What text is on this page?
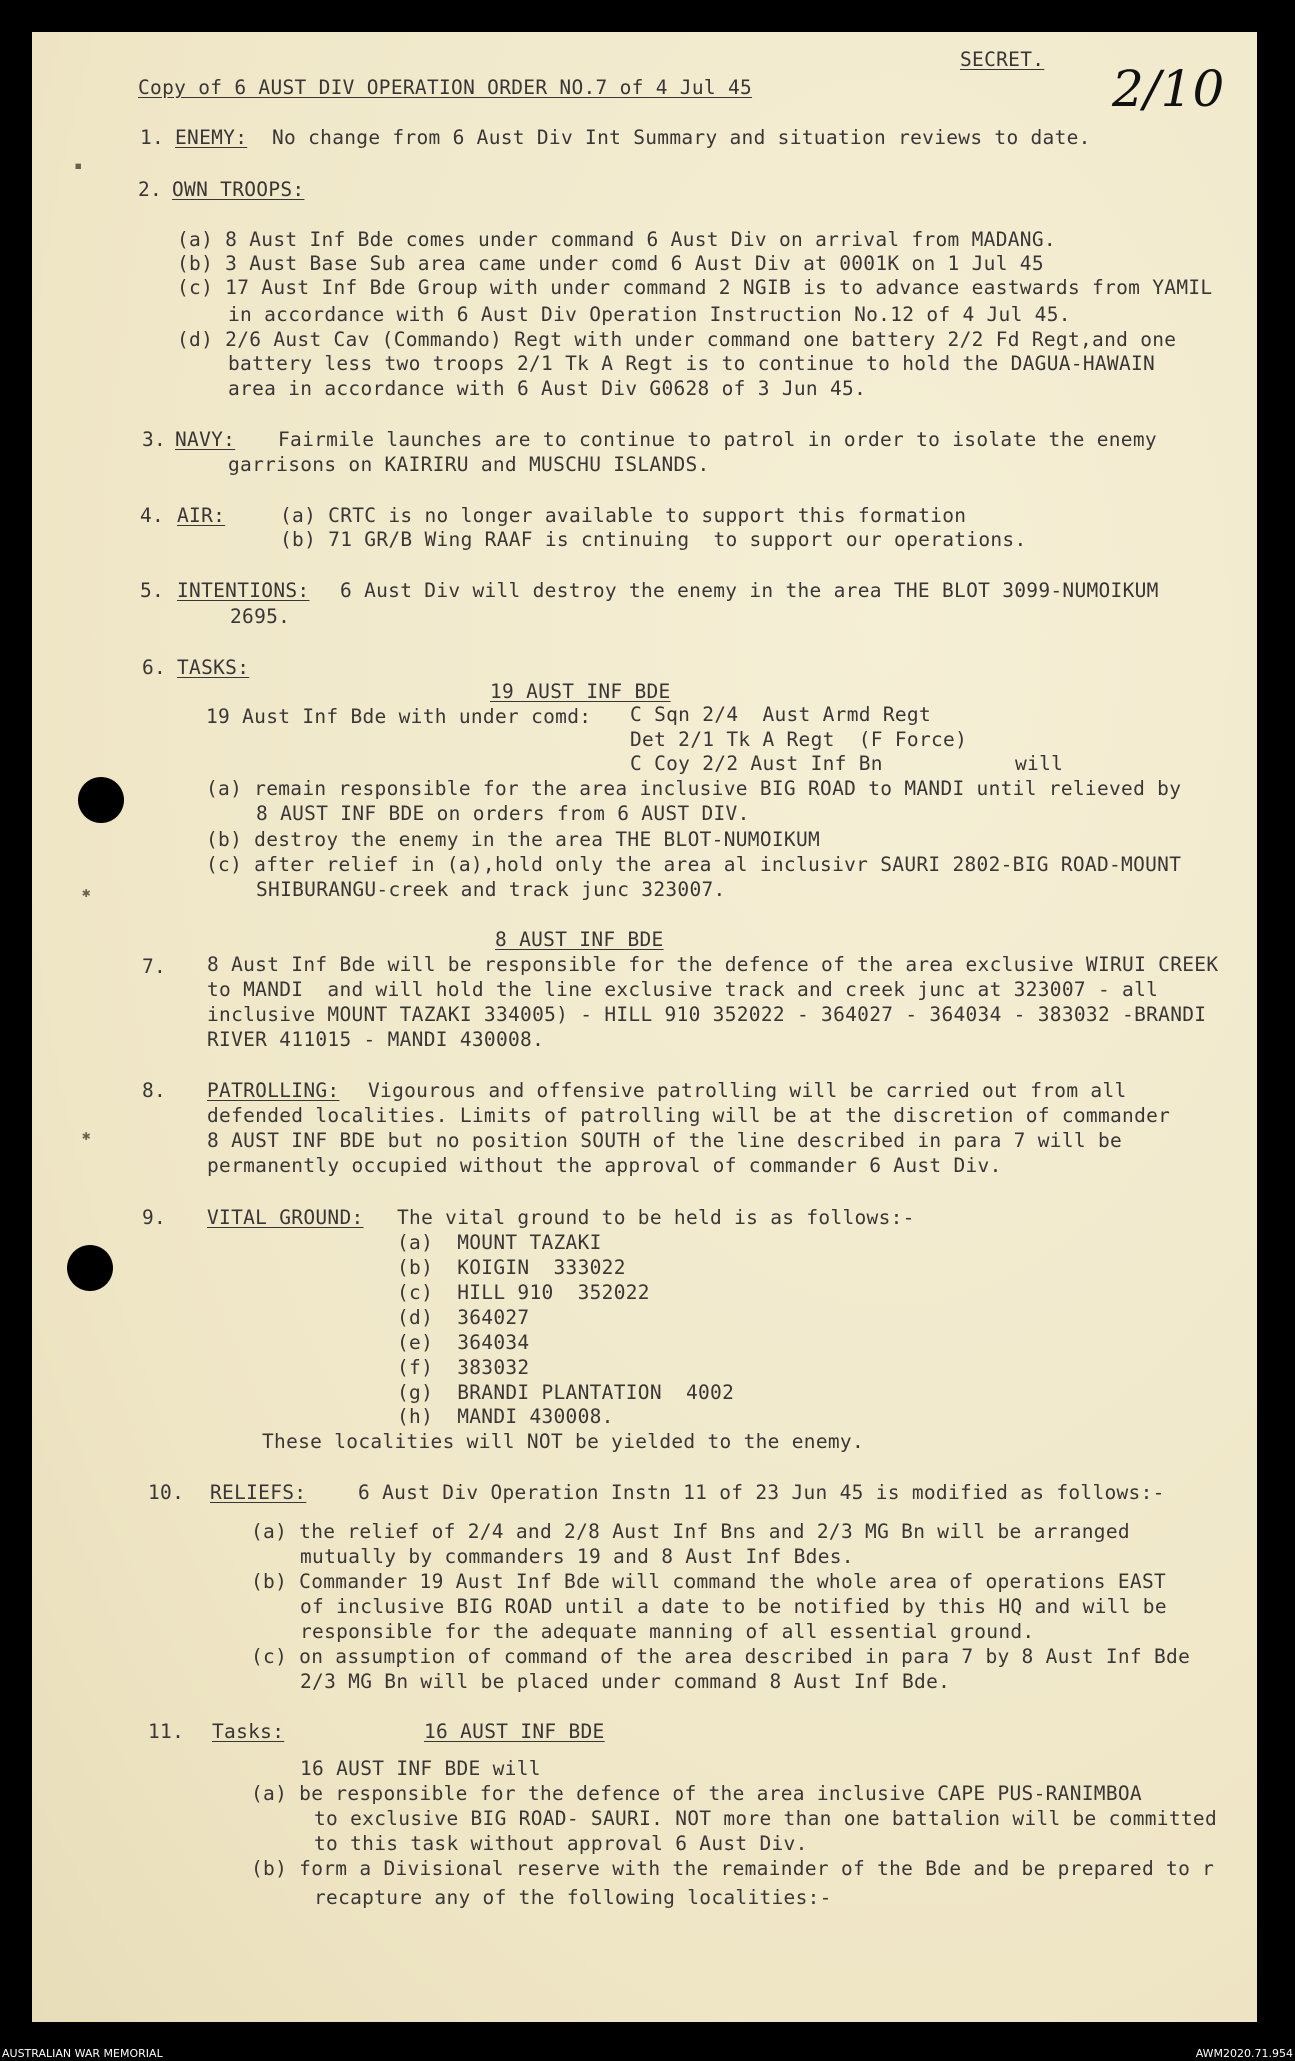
▪
✱
✱
Copy of 6 AUST DIV OPERATION ORDER NO.7 of 4 Jul 45
SECRET.
2/10
1. ENEMY: No change from 6 Aust Div Int Summary and situation reviews to date.
2. OWN TROOPS:
(a) 8 Aust Inf Bde comes under command 6 Aust Div on arrival from MADANG.
(b) 3 Aust Base Sub area came under comd 6 Aust Div at 0001K on 1 Jul 45
(c) 17 Aust Inf Bde Group with under command 2 NGIB is to advance eastwards from YAMIL
in accordance with 6 Aust Div Operation Instruction No.12 of 4 Jul 45.
(d) 2/6 Aust Cav (Commando) Regt with under command one battery 2/2 Fd Regt,and one
battery less two troops 2/1 Tk A Regt is to continue to hold the DAGUA-HAWAIN
area in accordance with 6 Aust Div G0628 of 3 Jun 45.
3. NAVY: Fairmile launches are to continue to patrol in order to isolate the enemy
garrisons on KAIRIRU and MUSCHU ISLANDS.
4. AIR:	(a) CRTC is no longer available to support this formation
(b) 71 GR/B Wing RAAF is cntinuing  to support our operations.
5. INTENTIONS: 6 Aust Div will destroy the enemy in the area THE BLOT 3099-NUMOIKUM
2695.
6. TASKS:
19 AUST INF BDE
19 Aust Inf Bde with under comd: C Sqn 2/4  Aust Armd Regt
Det 2/1 Tk A Regt  (F Force)
C Coy 2/2 Aust Inf Bn	will
(a) remain responsible for the area inclusive BIG ROAD to MANDI until relieved by
8 AUST INF BDE on orders from 6 AUST DIV.
(b) destroy the enemy in the area THE BLOT-NUMOIKUM
(c) after relief in (a),hold only the area al inclusivr SAURI 2802-BIG ROAD-MOUNT
SHIBURANGU-creek and track junc 323007.
8 AUST INF BDE
7. 8 Aust Inf Bde will be responsible for the defence of the area exclusive WIRUI CREEK
to MANDI  and will hold the line exclusive track and creek junc at 323007 - all
inclusive MOUNT TAZAKI 334005) - HILL 910 352022 - 364027 - 364034 - 383032 -BRANDI
RIVER 411015 - MANDI 430008.
8. PATROLLING: Vigourous and offensive patrolling will be carried out from all
defended localities. Limits of patrolling will be at the discretion of commander
8 AUST INF BDE but no position SOUTH of the line described in para 7 will be
permanently occupied without the approval of commander 6 Aust Div.
9. VITAL GROUND: The vital ground to be held is as follows:-
(a)  MOUNT TAZAKI
(b)  KOIGIN  333022
(c)  HILL 910  352022
(d)  364027
(e)  364034
(f)  383032
(g)  BRANDI PLANTATION  4002
(h)  MANDI 430008.
These localities will NOT be yielded to the enemy.
10. RELIEFS:	6 Aust Div Operation Instn 11 of 23 Jun 45 is modified as follows:-
(a) the relief of 2/4 and 2/8 Aust Inf Bns and 2/3 MG Bn will be arranged
mutually by commanders 19 and 8 Aust Inf Bdes.
(b) Commander 19 Aust Inf Bde will command the whole area of operations EAST
of inclusive BIG ROAD until a date to be notified by this HQ and will be
responsible for the adequate manning of all essential ground.
(c) on assumption of command of the area described in para 7 by 8 Aust Inf Bde
2/3 MG Bn will be placed under command 8 Aust Inf Bde.
11. Tasks:	16 AUST INF BDE
16 AUST INF BDE will
(a) be responsible for the defence of the area inclusive CAPE PUS-RANIMBOA
to exclusive BIG ROAD- SAURI. NOT more than one battalion will be committed
to this task without approval 6 Aust Div.
(b) form a Divisional reserve with the remainder of the Bde and be prepared to r
recapture any of the following localities:-
AUSTRALIAN WAR MEMORIAL	AWM2020.71.954
